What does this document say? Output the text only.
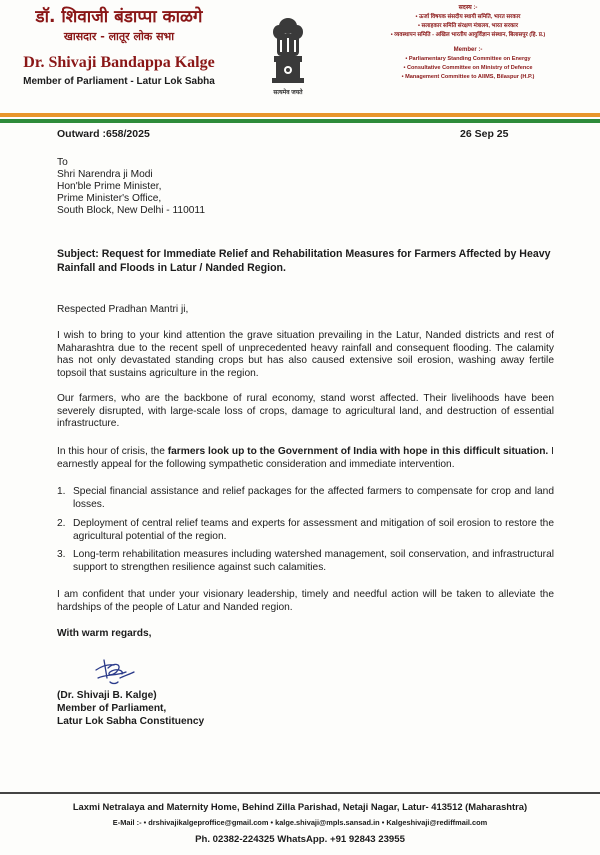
डॉ. शिवाजी बंडाप्पा काळगे
खासदार - लातूर लोक सभा
Dr. Shivaji Bandappa Kalge
Member of Parliament - Latur Lok Sabha
सत्यमेव जयते
सदस्य :-
• ऊर्जा विषयक संसदीय स्थायी समिति, भारत सरकार
• सलाहकार समिति संरक्षण मंत्रालय, भारत सरकार
• व्यवस्थापन समिति - अखिल भारतीय आयुर्विज्ञान संस्थान, बिलासपुर (हि. प्र.)
Member :-
• Parliamentary Standing Committee on Energy
• Consultative Committee on Ministry of Defence
• Management Committee to AIIMS, Bilaspur (H.P.)
Outward :658/2025	26 Sep 25
To
Shri Narendra ji Modi
Hon'ble Prime Minister,
Prime Minister's Office,
South Block, New Delhi - 110011
Subject: Request for Immediate Relief and Rehabilitation Measures for Farmers Affected by Heavy Rainfall and Floods in Latur / Nanded Region.
Respected Pradhan Mantri ji,
I wish to bring to your kind attention the grave situation prevailing in the Latur, Nanded districts and rest of Maharashtra due to the recent spell of unprecedented heavy rainfall and consequent flooding. The calamity has not only devastated standing crops but has also caused extensive soil erosion, washing away fertile topsoil that sustains agriculture in the region.
Our farmers, who are the backbone of rural economy, stand worst affected. Their livelihoods have been severely disrupted, with large-scale loss of crops, damage to agricultural land, and destruction of essential infrastructure.
In this hour of crisis, the farmers look up to the Government of India with hope in this difficult situation. I earnestly appeal for the following sympathetic consideration and immediate intervention.
1. Special financial assistance and relief packages for the affected farmers to compensate for crop and land losses.
2. Deployment of central relief teams and experts for assessment and mitigation of soil erosion to restore the agricultural potential of the region.
3. Long-term rehabilitation measures including watershed management, soil conservation, and infrastructural support to strengthen resilience against such calamities.
I am confident that under your visionary leadership, timely and needful action will be taken to alleviate the hardships of the people of Latur and Nanded region.
With warm regards,
(Dr. Shivaji B. Kalge)
Member of Parliament,
Latur Lok Sabha Constituency
Laxmi Netralaya and Maternity Home, Behind Zilla Parishad, Netaji Nagar, Latur- 413512 (Maharashtra)
E-Mail :- • drshivajikalgeproffice@gmail.com • kalge.shivaji@mpls.sansad.in • Kalgeshivaji@rediffmail.com
Ph. 02382-224325 WhatsApp. +91 92843 23955
